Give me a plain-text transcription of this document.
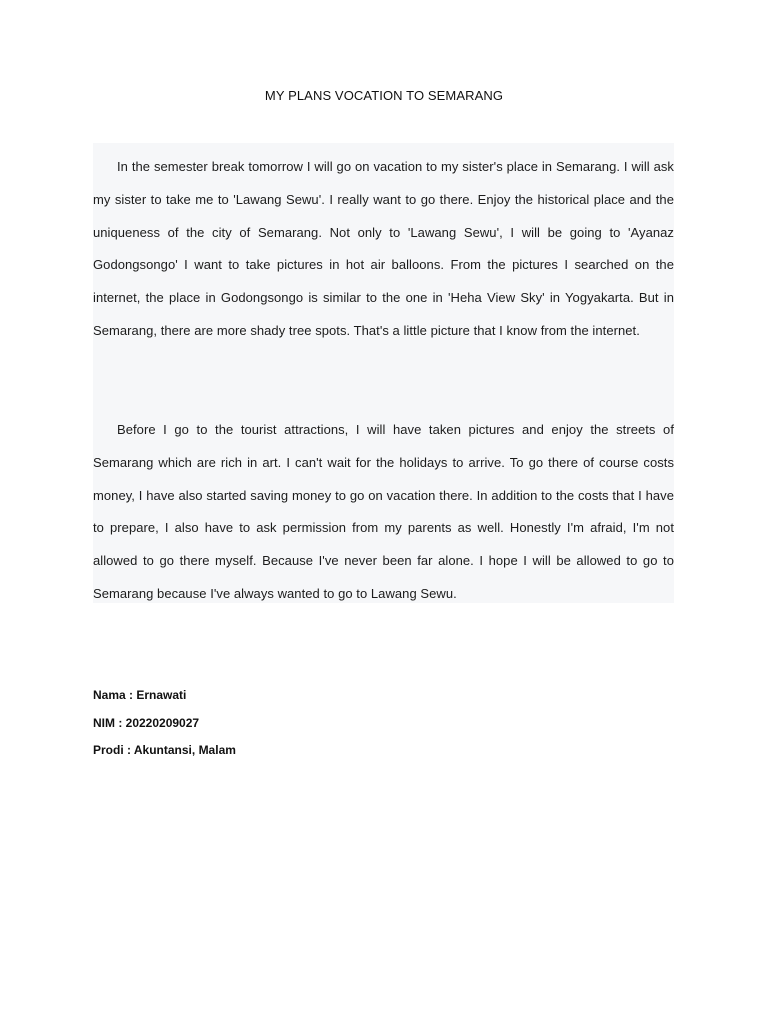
MY PLANS VOCATION TO SEMARANG

In the semester break tomorrow I will go on vacation to my sister's place in Semarang. I will ask my sister to take me to 'Lawang Sewu'. I really want to go there. Enjoy the historical place and the uniqueness of the city of Semarang. Not only to 'Lawang Sewu', I will be going to 'Ayanaz Godongsongo' I want to take pictures in hot air balloons. From the pictures I searched on the internet, the place in Godongsongo is similar to the one in 'Heha View Sky' in Yogyakarta. But in Semarang, there are more shady tree spots. That's a little picture that I know from the internet.

Before I go to the tourist attractions, I will have taken pictures and enjoy the streets of Semarang which are rich in art. I can't wait for the holidays to arrive. To go there of course costs money, I have also started saving money to go on vacation there. In addition to the costs that I have to prepare, I also have to ask permission from my parents as well. Honestly I'm afraid, I'm not allowed to go there myself. Because I've never been far alone. I hope I will be allowed to go to Semarang because I've always wanted to go to Lawang Sewu.

Nama : Ernawati
NIM : 20220209027
Prodi : Akuntansi, Malam
